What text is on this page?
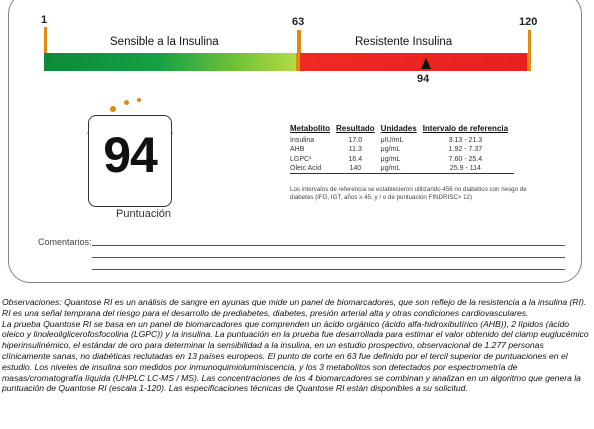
1	63	120
Sensible a la Insulina	Resistente Insulina
94
94
Puntuación
Metabolito	Resultado	Unidades	Intervalo de referencia
Insulina	17.0	μIU/mL	3.13 - 21.3
AHB	11.3	μg/mL	1.92 - 7.37
LGPC¹	16.4	μg/mL	7.60 - 25.4
Oleic Acid	140	μg/mL	25.9 - 114
Los intervalos de referencia se establecieron utilizando 456 no diabético con riesgo de diabetes (IFG, IGT, años ≥ 45, y / o de puntuación FINDRISC> 12)
Comentarios:

Observaciones: Quantose RI es un análisis de sangre en ayunas que mide un panel de biomarcadores, que son reflejo de la resistencia a la insulina (RI).

RI es una señal temprana del riesgo para el desarrollo de prediabetes, diabetes, presión arterial alta y otras condiciones cardiovasculares.

La prueba Quantose RI se basa en un panel de biomarcadores que comprenden un ácido orgánico (ácido alfa-hidroxibutírico (AHB)), 2 lípidos (ácido oleico y linoleoilglicerofosfocolina (LGPC)) y la insulina. La puntuación en la prueba fue desarrollada para estimar el valor obtenido del clamp euglucémico hiperinsulinémico, el estándar de oro para determinar la sensibilidad a la insulina, en un estudio prospectivo, observacional de 1.277 personas clínicamente sanas, no diabéticas reclutadas en 13 países europeos. El punto de corte en 63 fue definido por el tercil superior de puntuaciones en el estudio. Los niveles de insulina son medidos por inmunoquimioluminiscencia, y los 3 metabolitos son detectados por espectrometría de masas/cromatografía líquida (UHPLC LC-MS / MS). Las concentraciones de los 4 biomarcadores se combinan y analizan en un algoritmo que genera la puntuación de Quantose RI (escala 1-120). Las especificaciones técnicas de Quantose RI están disponibles a su solicitud.
